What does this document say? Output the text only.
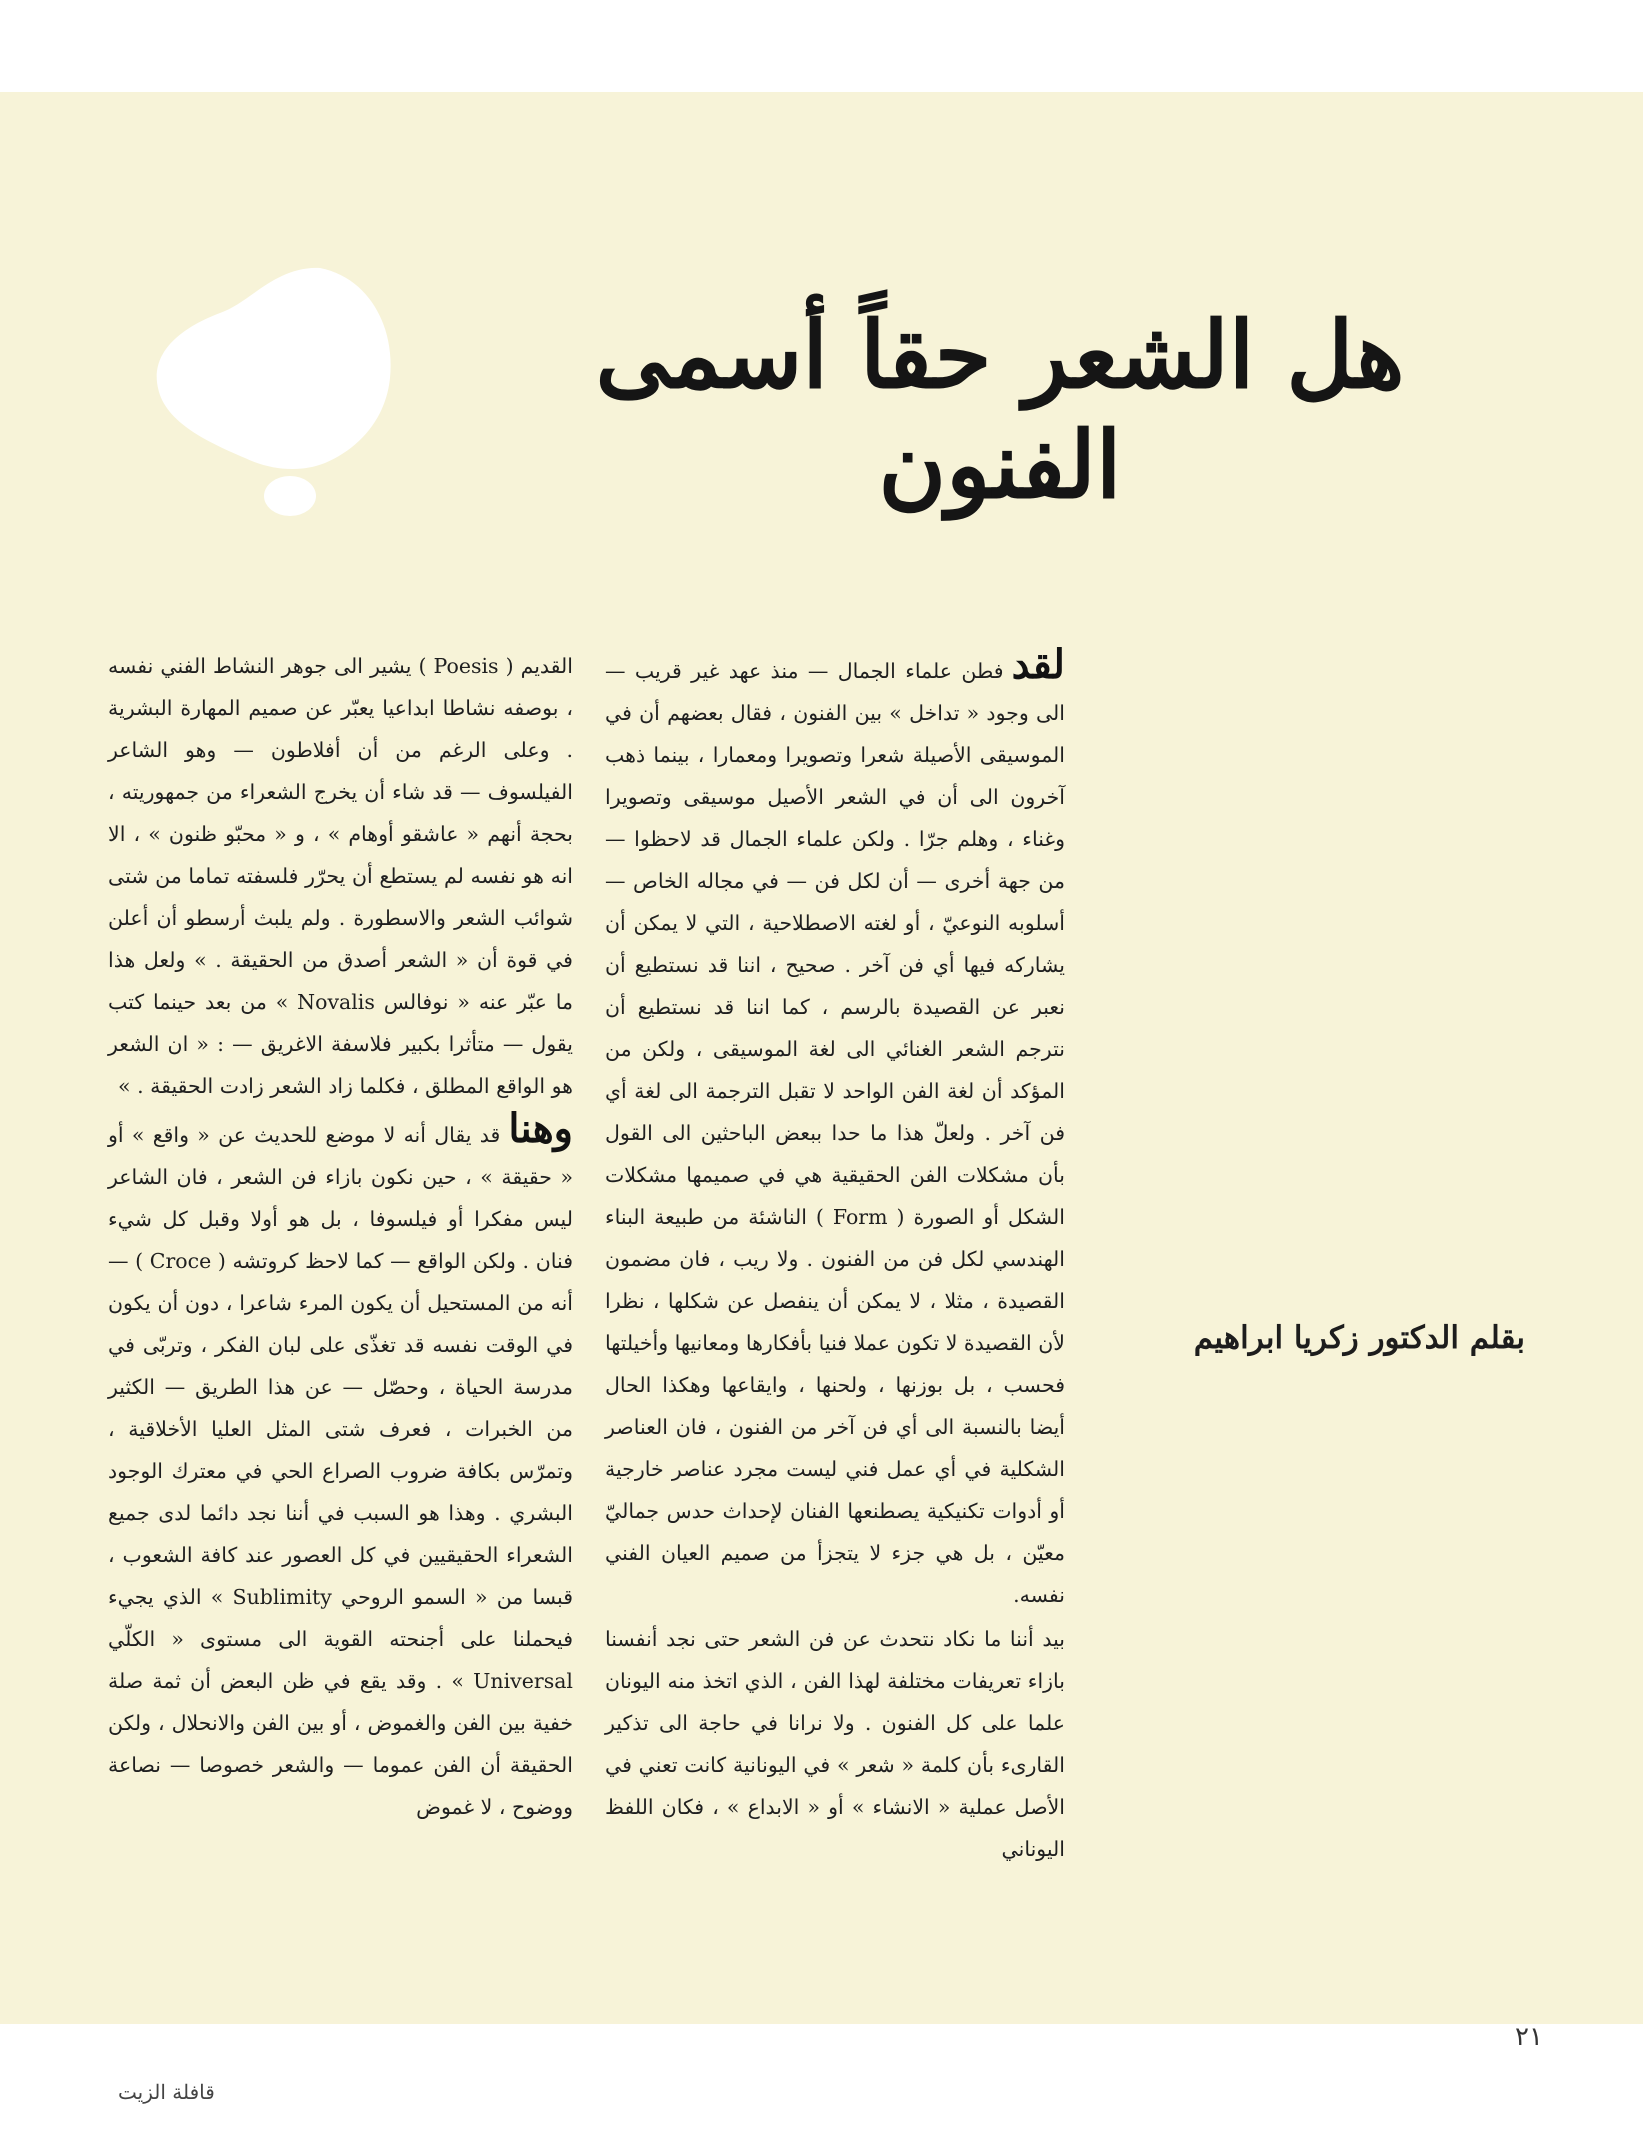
هل الشعر حقاً أسمى الفنون
بقلم الدكتور زكريا ابراهيم

لقدفطن علماء الجمال — منذ عهد غير قريب — الى وجود « تداخل » بين الفنون ، فقال بعضهم أن في الموسيقى الأصيلة شعرا وتصويرا ومعمارا ، بينما ذهب آخرون الى أن في الشعر الأصيل موسيقى وتصويرا وغناء ، وهلم جرّا . ولكن علماء الجمال قد لاحظوا — من جهة أخرى — أن لكل فن — في مجاله الخاص — أسلوبه النوعيّ ، أو لغته الاصطلاحية ، التي لا يمكن أن يشاركه فيها أي فن آخر . صحيح ، اننا قد نستطيع أن نعبر عن القصيدة بالرسم ، كما اننا قد نستطيع أن نترجم الشعر الغنائي الى لغة الموسيقى ، ولكن من المؤكد أن لغة الفن الواحد لا تقبل الترجمة الى لغة أي فن آخر . ولعلّ هذا ما حدا ببعض الباحثين الى القول بأن مشكلات الفن الحقيقية هي في صميمها مشكلات الشكل أو الصورة ( Form ) الناشئة من طبيعة البناء الهندسي لكل فن من الفنون . ولا ريب ، فان مضمون القصيدة ، مثلا ، لا يمكن أن ينفصل عن شكلها ، نظرا لأن القصيدة لا تكون عملا فنيا بأفكارها ومعانيها وأخيلتها فحسب ، بل بوزنها ، ولحنها ، وايقاعها وهكذا الحال أيضا بالنسبة الى أي فن آخر من الفنون ، فان العناصر الشكلية في أي عمل فني ليست مجرد عناصر خارجية أو أدوات تكنيكية يصطنعها الفنان لإحداث حدس جماليّ معيّن ، بل هي جزء لا يتجزأ من صميم العيان الفني نفسه.

بيد أننا ما نكاد نتحدث عن فن الشعر حتى نجد أنفسنا بازاء تعريفات مختلفة لهذا الفن ، الذي اتخذ منه اليونان علما على كل الفنون . ولا نرانا في حاجة الى تذكير القارىء بأن كلمة « شعر » في اليونانية كانت تعني في الأصل عملية « الانشاء » أو « الابداع » ، فكان اللفظ اليوناني

القديم ( Poesis ) يشير الى جوهر النشاط الفني نفسه ، بوصفه نشاطا ابداعيا يعبّر عن صميم المهارة البشرية . وعلى الرغم من أن أفلاطون — وهو الشاعر الفيلسوف — قد شاء أن يخرج الشعراء من جمهوريته ، بحجة أنهم « عاشقو أوهام » ، و « محبّو ظنون » ، الا انه هو نفسه لم يستطع أن يحرّر فلسفته تماما من شتى شوائب الشعر والاسطورة . ولم يلبث أرسطو أن أعلن في قوة أن « الشعر أصدق من الحقيقة . » ولعل هذا ما عبّر عنه « نوفالس Novalis » من بعد حينما كتب يقول — متأثرا بكبير فلاسفة الاغريق — : « ان الشعر هو الواقع المطلق ، فكلما زاد الشعر زادت الحقيقة . »

وهناقد يقال أنه لا موضع للحديث عن « واقع » أو « حقيقة » ، حين نكون بازاء فن الشعر ، فان الشاعر ليس مفكرا أو فيلسوفا ، بل هو أولا وقبل كل شيء فنان . ولكن الواقع — كما لاحظ كروتشه ( Croce ) — أنه من المستحيل أن يكون المرء شاعرا ، دون أن يكون في الوقت نفسه قد تغذّى على لبان الفكر ، وتربّى في مدرسة الحياة ، وحصّل — عن هذا الطريق — الكثير من الخبرات ، فعرف شتى المثل العليا الأخلاقية ، وتمرّس بكافة ضروب الصراع الحي في معترك الوجود البشري . وهذا هو السبب في أننا نجد دائما لدى جميع الشعراء الحقيقيين في كل العصور عند كافة الشعوب ، قبسا من « السمو الروحي Sublimity » الذي يجيء فيحملنا على أجنحته القوية الى مستوى « الكلّي Universal » . وقد يقع في ظن البعض أن ثمة صلة خفية بين الفن والغموض ، أو بين الفن والانحلال ، ولكن الحقيقة أن الفن عموما — والشعر خصوصا — نصاعة ووضوح ، لا غموض

٢١
قافلة الزيت
